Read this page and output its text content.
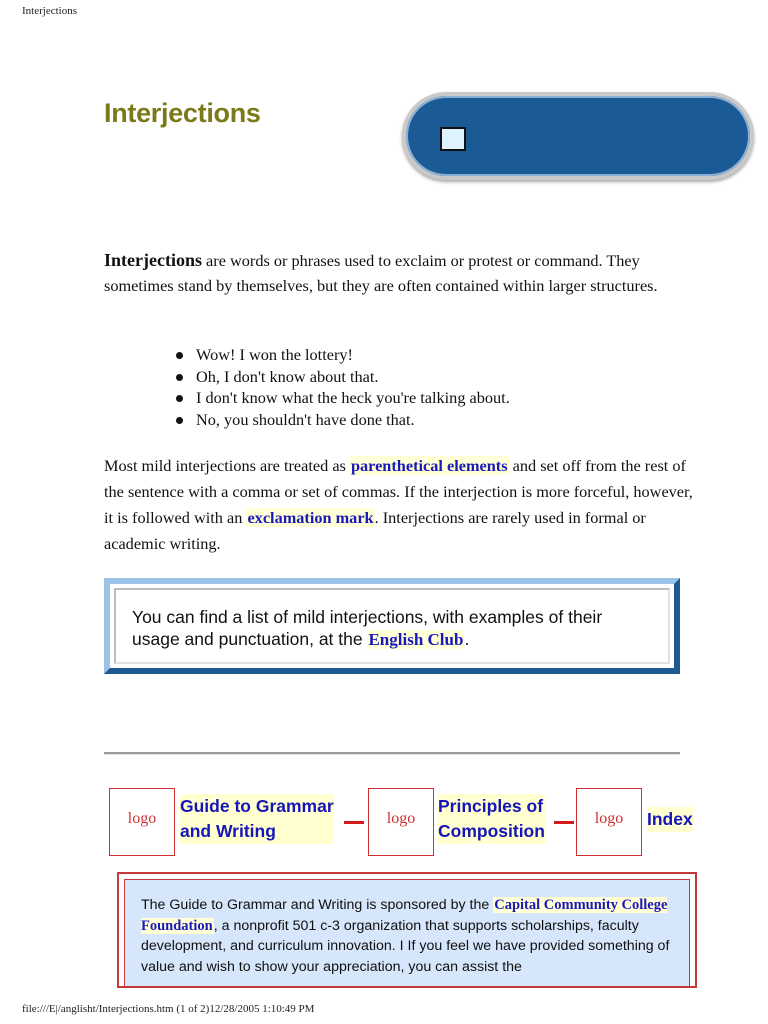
Interjections
Interjections

Interjections are words or phrases used to exclaim or protest or command. They sometimes stand by themselves, but they are often contained within larger structures.

Wow! I won the lottery!
Oh, I don't know about that.
I don't know what the heck you're talking about.
No, you shouldn't have done that.

Most mild interjections are treated as parenthetical elements and set off from the rest of the sentence with a comma or set of commas. If the interjection is more forceful, however, it is followed with an exclamation mark. Interjections are rarely used in formal or academic writing.

You can find a list of mild interjections, with examples of their usage and punctuation, at the English Club.
logo
Guide to Grammar
and Writing
logo
Principles of
Composition
logo	Index
The Guide to Grammar and Writing is sponsored by the Capital Community College Foundation, a nonprofit 501 c-3 organization that supports scholarships, faculty development, and curriculum innovation. I If you feel we have provided something of value and wish to show your appreciation, you can assist the
file:///E|/anglisht/Interjections.htm (1 of 2)12/28/2005 1:10:49 PM
